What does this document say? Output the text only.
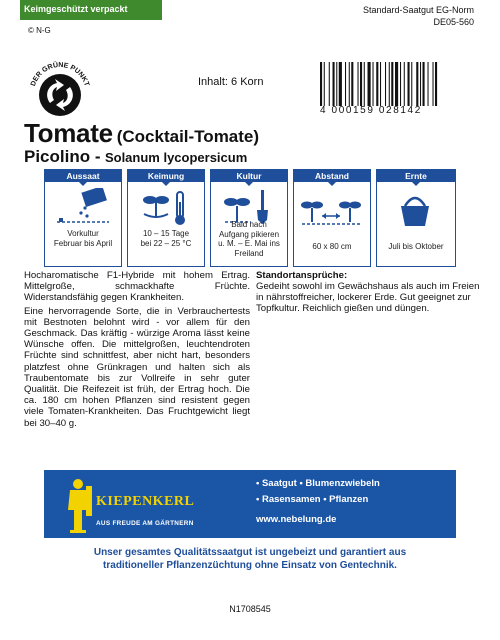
Keimgeschützt verpackt	Standard-Saatgut EG-Norm
DE05-560
© N-G
DER GRÜNE PUNKT	Inhalt: 6 Korn
4 000159 028142
Tomate (Cocktail-Tomate)
Picolino - Solanum lycopersicum
Aussaat
Vorkultur
Februar bis April
Keimung
10 – 15 Tage
bei 22 – 25 °C
Kultur
Bald nach
Aufgang pikieren
u. M. – E. Mai ins
Freiland
Abstand
60 x 80 cm
Ernte
Juli bis Oktober

Hocharomatische F1-Hybride mit hohem Ertrag. Mittelgroße, schmackhafte Früchte. Widerstandsfähig gegen Krankheiten.

Eine hervorragende Sorte, die in Verbrauchertests mit Bestnoten belohnt wird - vor allem für den Geschmack. Das kräftig - würzige Aroma lässt keine Wünsche offen. Die mittelgroßen, leuchtendroten Früchte sind schnittfest, aber nicht hart, besonders platzfest ohne Grünkragen und halten sich als Traubentomate bis zur Vollreife in sehr guter Qualität. Die Reifezeit ist früh, der Ertrag hoch. Die ca. 180 cm hohen Pflanzen sind resistent gegen viele Tomaten-Krankheiten. Das Fruchtgewicht liegt bei 30–40 g.

Standortansprüche:
Gedeiht sowohl im Gewächshaus als auch im Freien in nährstoffreicher, lockerer Erde. Gut geeignet zur Topfkultur. Reichlich gießen und düngen.
KIEPENKERL
AUS FREUDE AM GÄRTNERN
• Saatgut • Blumenzwiebeln
• Rasensamen • Pflanzen
www.nebelung.de
Unser gesamtes Qualitätssaatgut ist ungebeizt und garantiert aus
traditioneller Pflanzenzüchtung ohne Einsatz von Gentechnik.
N1708545
